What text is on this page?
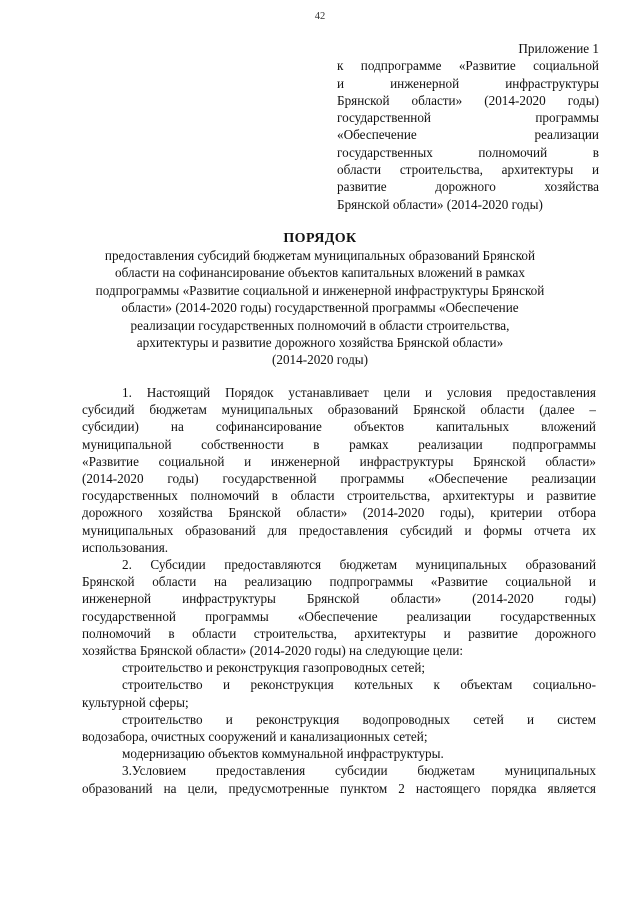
42
Приложение 1
к подпрограмме «Развитие социальной
и инженерной инфраструктуры
Брянской области» (2014-2020 годы)
государственной программы
«Обеспечение реализации
государственных полномочий в
области строительства, архитектуры и
развитие дорожного хозяйства
Брянской области» (2014-2020 годы)
ПОРЯДОК
предоставления субсидий бюджетам муниципальных образований Брянской
области на софинансирование объектов капитальных вложений в рамках
подпрограммы «Развитие социальной и инженерной инфраструктуры Брянской
области» (2014-2020 годы) государственной программы «Обеспечение
реализации государственных полномочий в области строительства,
архитектуры и развитие дорожного хозяйства Брянской области»
(2014-2020 годы)
1. Настоящий Порядок устанавливает цели и условия предоставления
субсидий бюджетам муниципальных образований Брянской области (далее –
субсидии) на софинансирование объектов капитальных вложений
муниципальной собственности в рамках реализации подпрограммы
«Развитие социальной и инженерной инфраструктуры Брянской области»
(2014-2020 годы) государственной программы «Обеспечение реализации
государственных полномочий в области строительства, архитектуры и развитие
дорожного хозяйства Брянской области» (2014-2020 годы), критерии отбора
муниципальных образований для предоставления субсидий и формы отчета их
использования.
2. Субсидии предоставляются бюджетам муниципальных образований
Брянской области на реализацию подпрограммы «Развитие социальной и
инженерной инфраструктуры Брянской области» (2014-2020 годы)
государственной программы «Обеспечение реализации государственных
полномочий в области строительства, архитектуры и развитие дорожного
хозяйства Брянской области» (2014-2020 годы) на следующие цели:
строительство и реконструкция газопроводных сетей;
строительство и реконструкция котельных к объектам социально-
культурной сферы;
строительство и реконструкция водопроводных сетей и систем
водозабора, очистных сооружений и канализационных сетей;
модернизацию объектов коммунальной инфраструктуры.
3.Условием предоставления субсидии бюджетам муниципальных
образований на цели, предусмотренные пунктом 2 настоящего порядка является
